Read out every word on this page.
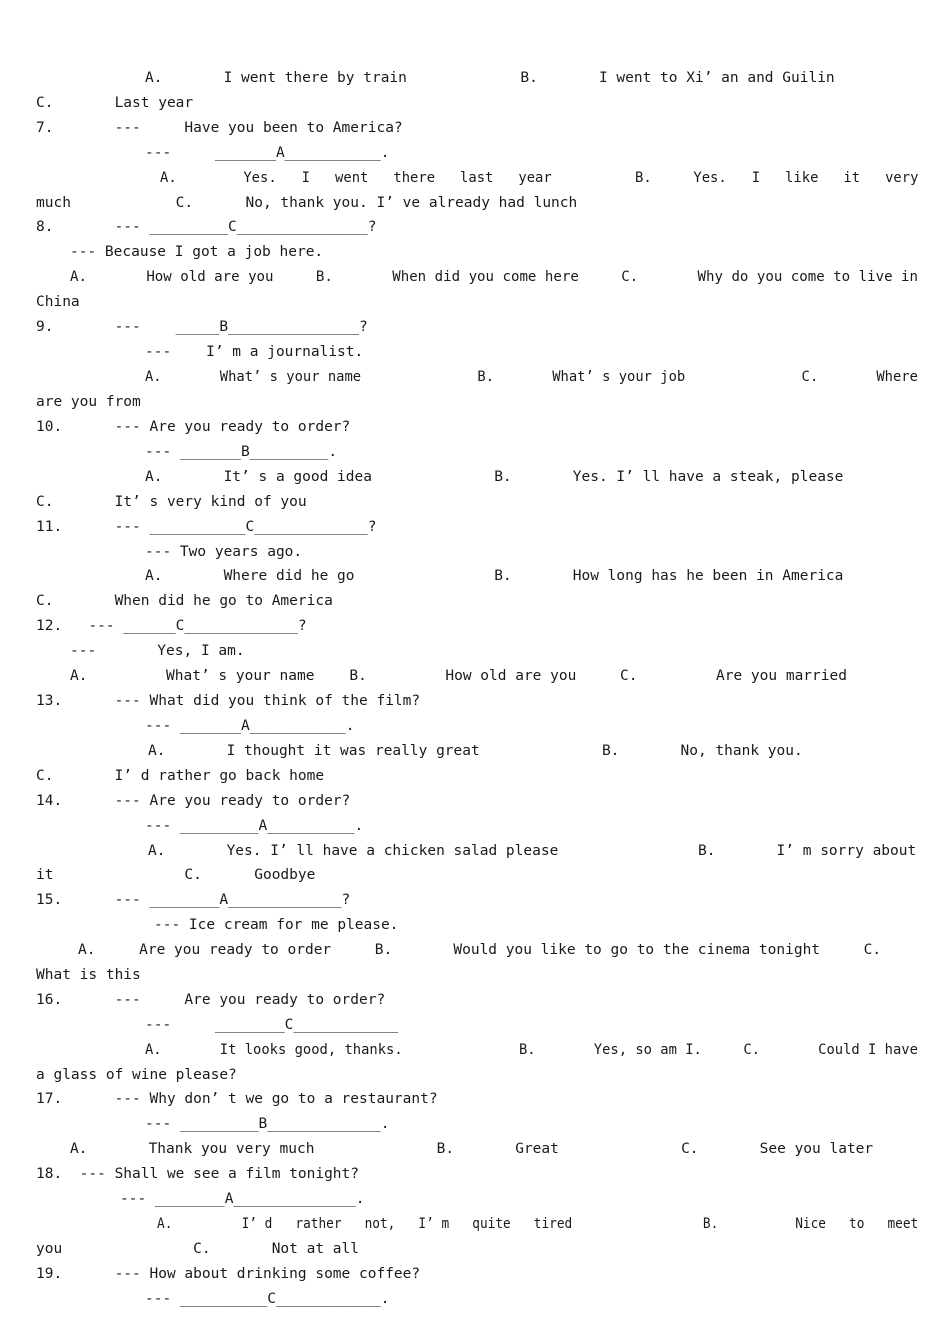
A.       I went there by train             B.       I went to Xi’ an and Guilin
C.       Last year
7.       ---     Have you been to America?
---     _______A___________.
A.        Yes.   I   went   there   last   year          B.     Yes.   I   like   it   very
much            C.      No, thank you. I’ ve already had lunch
8.       --- _________C_______________?
--- Because I got a job here.
A.       How old are you     B.       When did you come here     C.       Why do you come to live in
China
9.       ---    _____B_______________?
---    I’ m a journalist.
A.       What’ s your name              B.       What’ s your job              C.       Where
are you from
10.      --- Are you ready to order?
--- _______B_________.
A.       It’ s a good idea              B.       Yes. I’ ll have a steak, please
C.       It’ s very kind of you
11.      --- ___________C_____________?
--- Two years ago.
A.       Where did he go                B.       How long has he been in America
C.       When did he go to America
12.   --- ______C_____________?
---       Yes, I am.
A.         What’ s your name    B.         How old are you     C.         Are you married
13.      --- What did you think of the film?
--- _______A___________.
A.       I thought it was really great              B.       No, thank you.
C.       I’ d rather go back home
14.      --- Are you ready to order?
--- _________A__________.
A.       Yes. I’ ll have a chicken salad please                B.       I’ m sorry about
it               C.      Goodbye
15.      --- ________A_____________?
--- Ice cream for me please.
A.     Are you ready to order     B.       Would you like to go to the cinema tonight     C.
What is this
16.      ---     Are you ready to order?
---     ________C____________
A.       It looks good, thanks.              B.       Yes, so am I.     C.       Could I have
a glass of wine please?
17.      --- Why don’ t we go to a restaurant?
--- _________B_____________.
A.       Thank you very much              B.       Great              C.       See you later
18.  --- Shall we see a film tonight?
--- ________A______________.
A.         I’ d   rather   not,   I’ m   quite   tired                 B.          Nice   to   meet
you               C.       Not at all
19.      --- How about drinking some coffee?
--- __________C____________.
